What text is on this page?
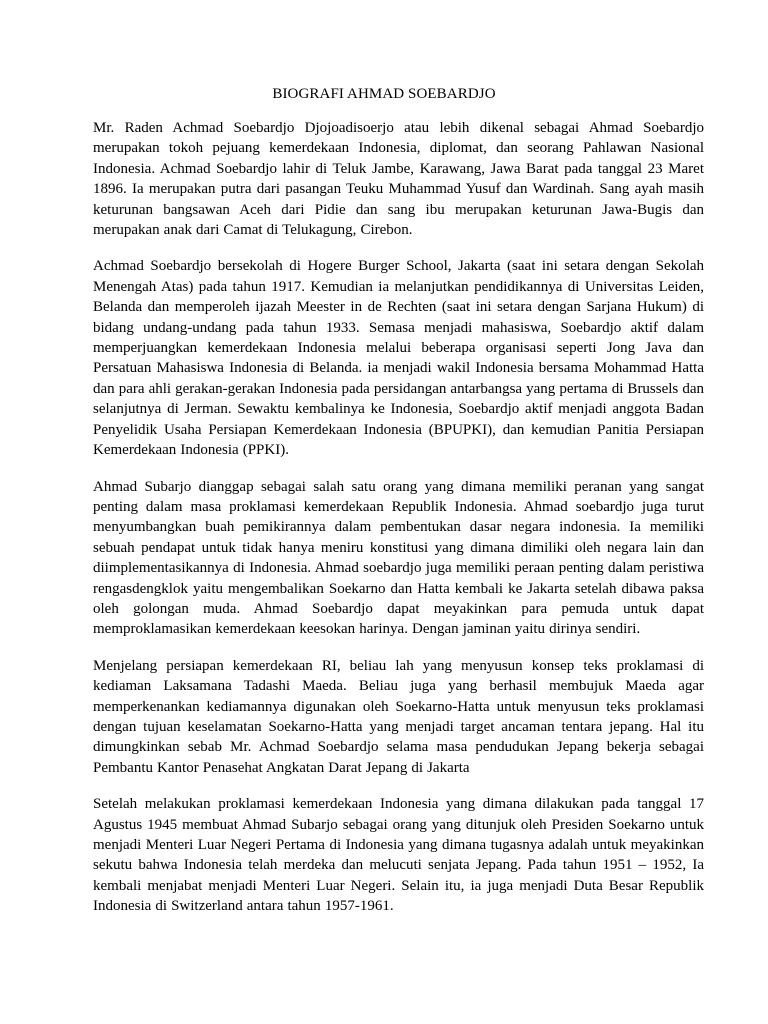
BIOGRAFI AHMAD SOEBARDJO

Mr. Raden Achmad Soebardjo Djojoadisoerjo atau lebih dikenal sebagai Ahmad Soebardjo merupakan tokoh pejuang kemerdekaan Indonesia, diplomat, dan seorang Pahlawan Nasional Indonesia. Achmad Soebardjo lahir di Teluk Jambe, Karawang, Jawa Barat pada tanggal 23 Maret 1896. Ia merupakan putra dari pasangan Teuku Muhammad Yusuf dan Wardinah. Sang ayah masih keturunan bangsawan Aceh dari Pidie dan sang ibu merupakan keturunan Jawa-Bugis dan merupakan anak dari Camat di Telukagung, Cirebon.

Achmad Soebardjo bersekolah di Hogere Burger School, Jakarta (saat ini setara dengan Sekolah Menengah Atas) pada tahun 1917. Kemudian ia melanjutkan pendidikannya di Universitas Leiden, Belanda dan memperoleh ijazah Meester in de Rechten (saat ini setara dengan Sarjana Hukum) di bidang undang-undang pada tahun 1933. Semasa menjadi mahasiswa, Soebardjo aktif dalam memperjuangkan kemerdekaan Indonesia melalui beberapa organisasi seperti Jong Java dan Persatuan Mahasiswa Indonesia di Belanda. ia menjadi wakil Indonesia bersama Mohammad Hatta dan para ahli gerakan-gerakan Indonesia pada persidangan antarbangsa yang pertama di Brussels dan selanjutnya di Jerman. Sewaktu kembalinya ke Indonesia, Soebardjo aktif menjadi anggota Badan Penyelidik Usaha Persiapan Kemerdekaan Indonesia (BPUPKI), dan kemudian Panitia Persiapan Kemerdekaan Indonesia (PPKI).

Ahmad Subarjo dianggap sebagai salah satu orang yang dimana memiliki peranan yang sangat penting dalam masa proklamasi kemerdekaan Republik Indonesia. Ahmad soebardjo juga turut menyumbangkan buah pemikirannya dalam pembentukan dasar negara indonesia. Ia memiliki sebuah pendapat untuk tidak hanya meniru konstitusi yang dimana dimiliki oleh negara lain dan diimplementasikannya di Indonesia. Ahmad soebardjo juga memiliki peraan penting dalam peristiwa rengasdengklok yaitu mengembalikan Soekarno dan Hatta kembali ke Jakarta setelah dibawa paksa oleh golongan muda. Ahmad Soebardjo dapat meyakinkan para pemuda untuk dapat memproklamasikan kemerdekaan keesokan harinya. Dengan jaminan yaitu dirinya sendiri.

Menjelang persiapan kemerdekaan RI, beliau lah yang menyusun konsep teks proklamasi di kediaman Laksamana Tadashi Maeda. Beliau juga yang berhasil membujuk Maeda agar memperkenankan kediamannya digunakan oleh Soekarno-Hatta untuk menyusun teks proklamasi dengan tujuan keselamatan Soekarno-Hatta yang menjadi target ancaman tentara jepang. Hal itu dimungkinkan sebab Mr. Achmad Soebardjo selama masa pendudukan Jepang bekerja sebagai Pembantu Kantor Penasehat Angkatan Darat Jepang di Jakarta

Setelah melakukan proklamasi kemerdekaan Indonesia yang dimana dilakukan pada tanggal 17 Agustus 1945 membuat Ahmad Subarjo sebagai orang yang ditunjuk oleh Presiden Soekarno untuk menjadi Menteri Luar Negeri Pertama di Indonesia yang dimana tugasnya adalah untuk meyakinkan sekutu bahwa Indonesia telah merdeka dan melucuti senjata Jepang. Pada tahun 1951 – 1952, Ia kembali menjabat menjadi Menteri Luar Negeri. Selain itu, ia juga menjadi Duta Besar Republik Indonesia di Switzerland antara tahun 1957-1961.
